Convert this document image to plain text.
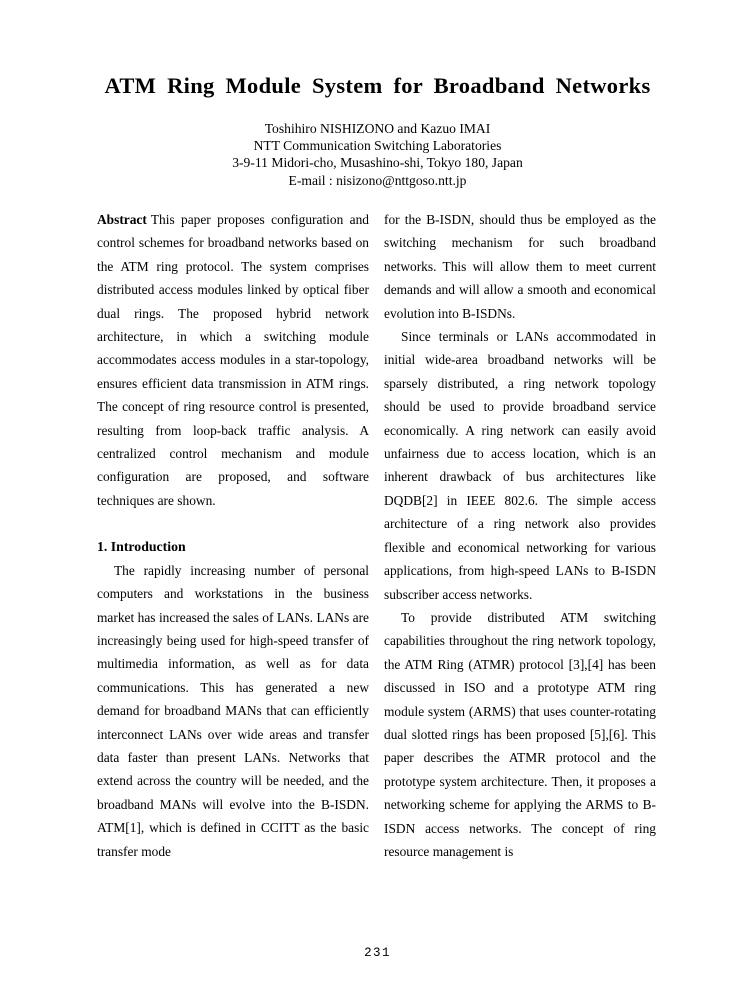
ATM Ring Module System for Broadband Networks
Toshihiro NISHIZONO and Kazuo IMAI
NTT Communication Switching Laboratories
3-9-11 Midori-cho, Musashino-shi, Tokyo 180, Japan
E-mail : nisizono@nttgoso.ntt.jp

Abstract This paper proposes configuration and control schemes for broadband networks based on the ATM ring protocol. The system comprises distributed access modules linked by optical fiber dual rings. The proposed hybrid network architecture, in which a switching module accommodates access modules in a star-topology, ensures efficient data transmission in ATM rings. The concept of ring resource control is presented, resulting from loop-back traffic analysis. A centralized control mechanism and module configuration are proposed, and software techniques are shown.

1. Introduction

The rapidly increasing number of personal computers and workstations in the business market has increased the sales of LANs. LANs are increasingly being used for high-speed transfer of multimedia information, as well as for data communications. This has generated a new demand for broadband MANs that can efficiently interconnect LANs over wide areas and transfer data faster than present LANs. Networks that extend across the country will be needed, and the broadband MANs will evolve into the B-ISDN. ATM[1], which is defined in CCITT as the basic transfer mode

for the B-ISDN, should thus be employed as the switching mechanism for such broadband networks. This will allow them to meet current demands and will allow a smooth and economical evolution into B-ISDNs.

Since terminals or LANs accommodated in initial wide-area broadband networks will be sparsely distributed, a ring network topology should be used to provide broadband service economically. A ring network can easily avoid unfairness due to access location, which is an inherent drawback of bus architectures like DQDB[2] in IEEE 802.6. The simple access architecture of a ring network also provides flexible and economical networking for various applications, from high-speed LANs to B-ISDN subscriber access networks.

To provide distributed ATM switching capabilities throughout the ring network topology, the ATM Ring (ATMR) protocol [3],[4] has been discussed in ISO and a prototype ATM ring module system (ARMS) that uses counter-rotating dual slotted rings has been proposed [5],[6]. This paper describes the ATMR protocol and the prototype system architecture. Then, it proposes a networking scheme for applying the ARMS to B-ISDN access networks. The concept of ring resource management is

231
